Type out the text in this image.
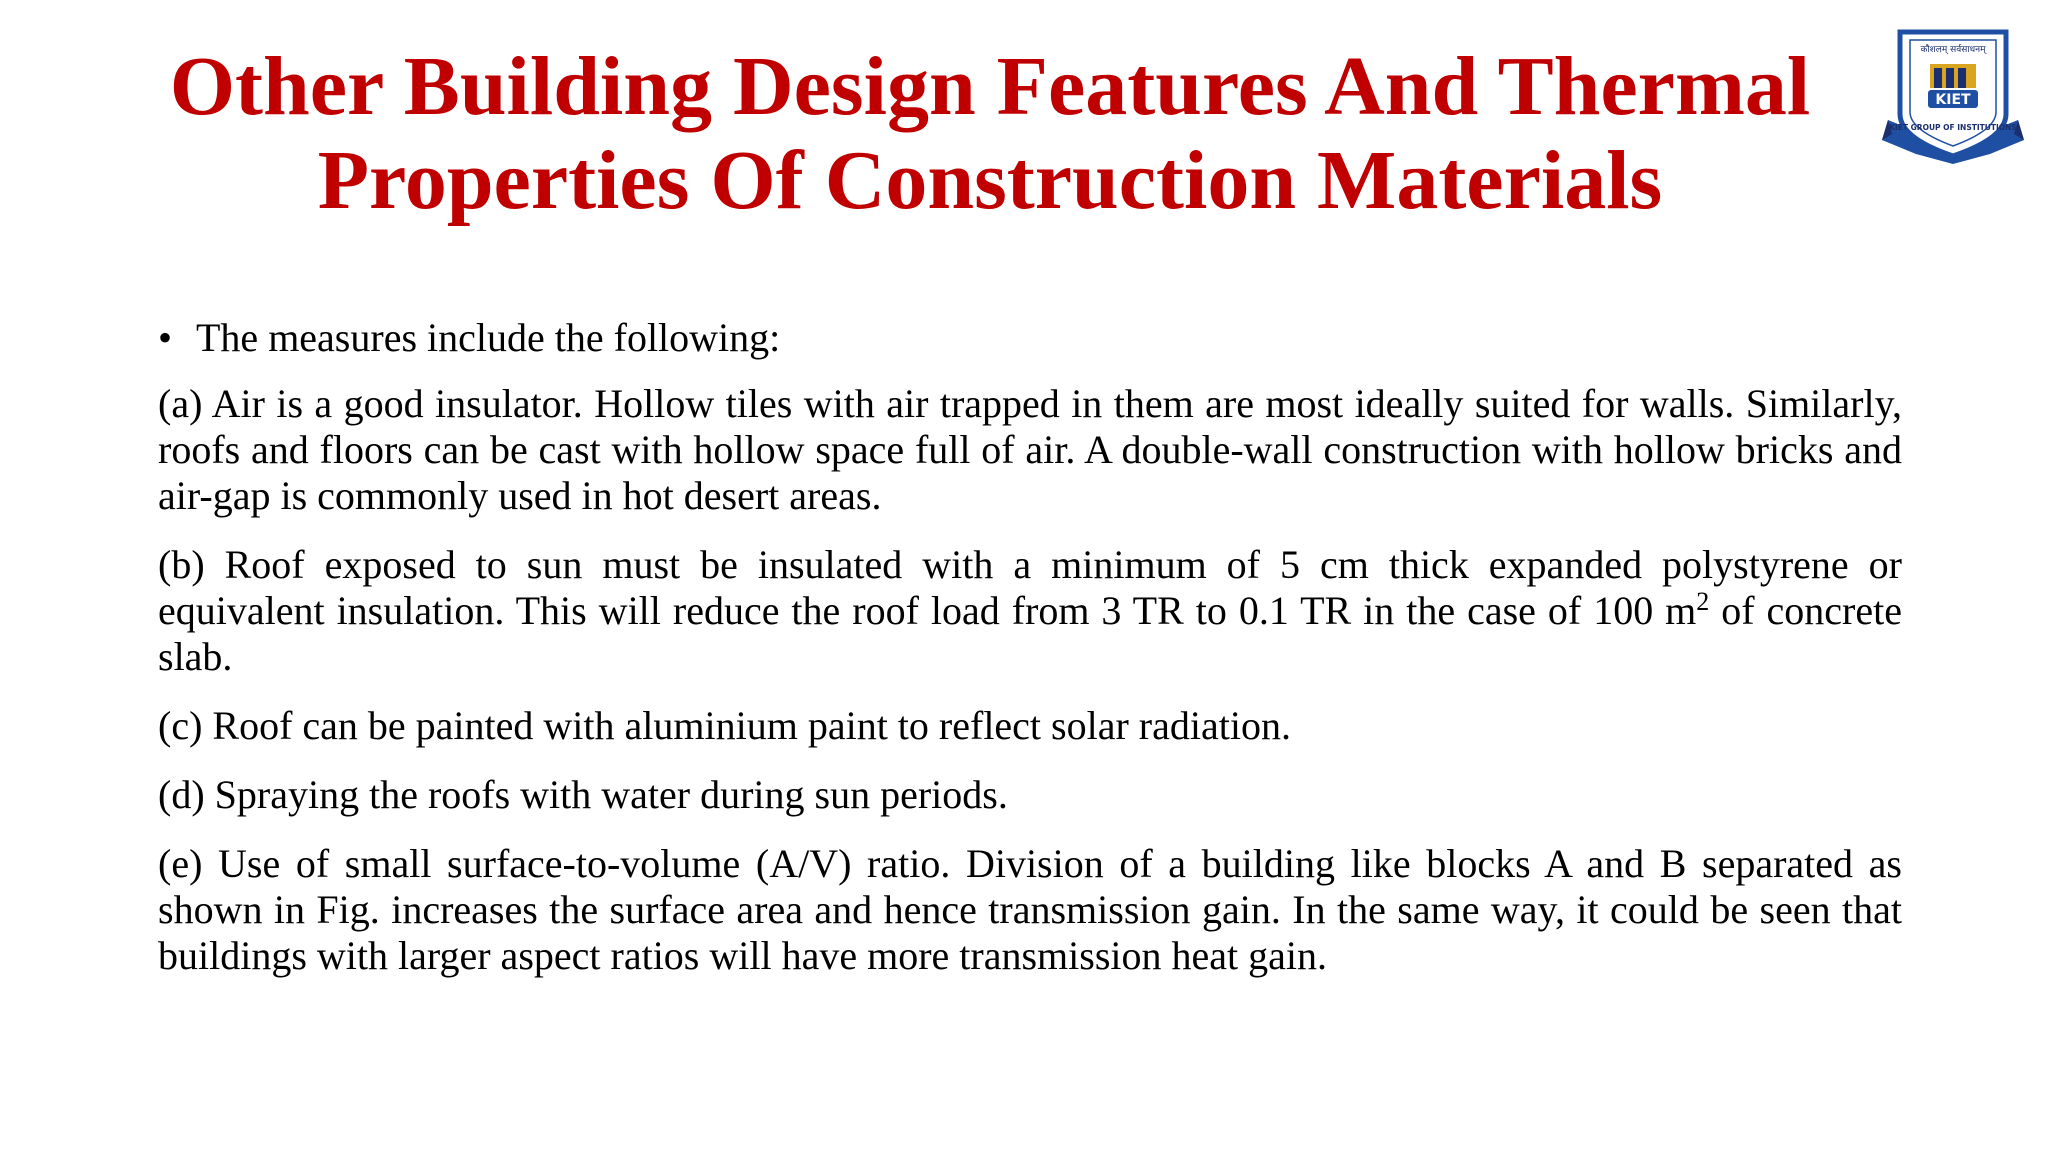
Other Building Design Features And Thermal
Properties Of Construction Materials
कौशलम् सर्वसाधनम्
KIET
KIET GROUP OF INSTITUTIONS
• The measures include the following:

(a) Air is a good insulator. Hollow tiles with air trapped in them are most ideally suited for walls. Similarly, roofs and floors can be cast with hollow space full of air. A double-wall construction with hollow bricks and air-gap is commonly used in hot desert areas.

(b) Roof exposed to sun must be insulated with a minimum of 5 cm thick expanded polystyrene or equivalent insulation. This will reduce the roof load from 3 TR to 0.1 TR in the case of 100 $m^2$ of concrete slab.

(c) Roof can be painted with aluminium paint to reflect solar radiation.

(d) Spraying the roofs with water during sun periods.

(e) Use of small surface-to-volume (A/V) ratio. Division of a building like blocks A and B separated as shown in Fig. increases the surface area and hence transmission gain. In the same way, it could be seen that buildings with larger aspect ratios will have more transmission heat gain.
